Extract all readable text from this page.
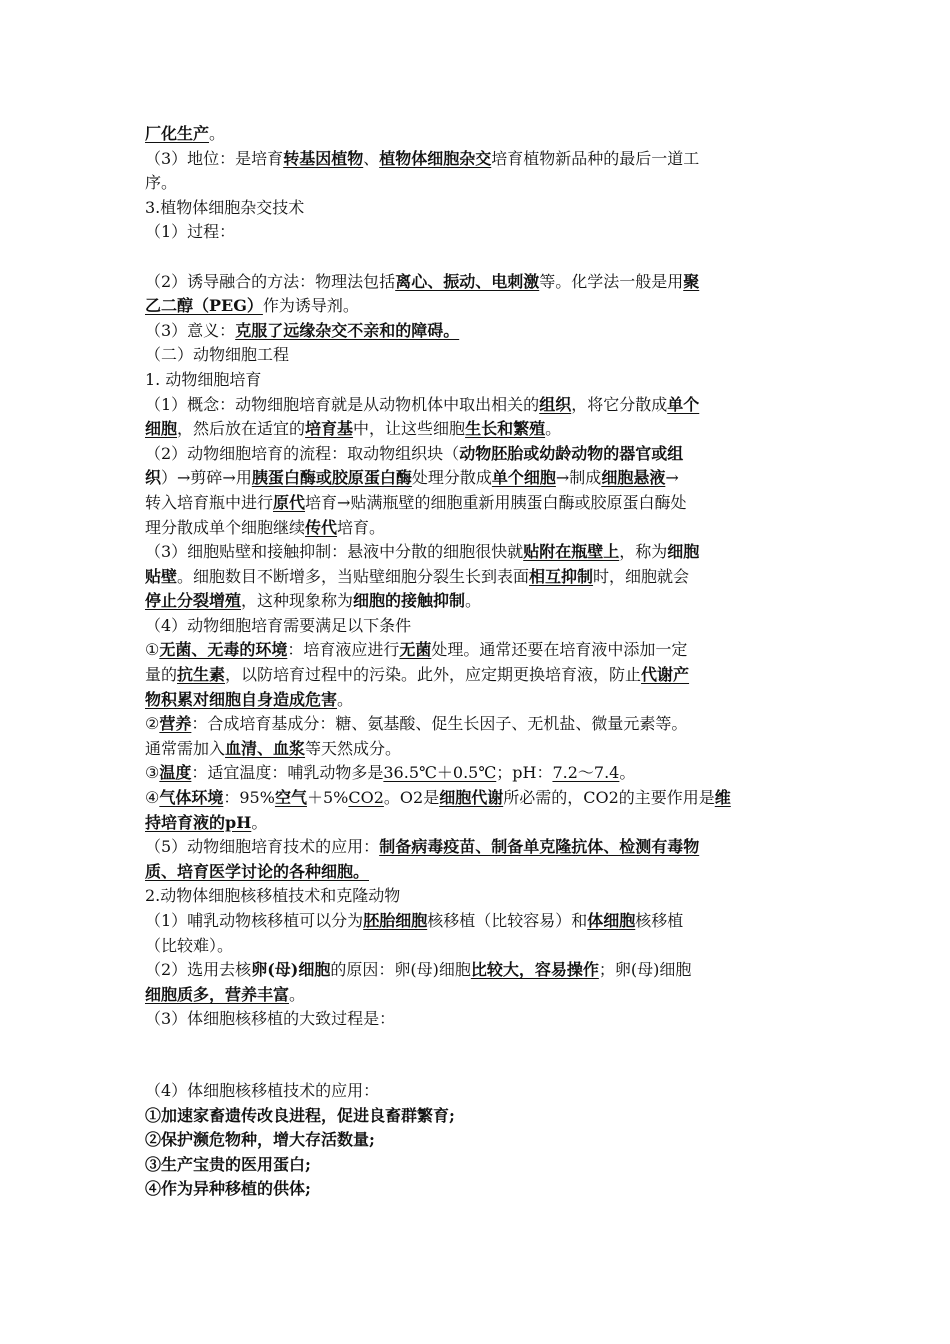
厂化生产。
（3）地位：是培育转基因植物、植物体细胞杂交培育植物新品种的最后一道工
序。
3.植物体细胞杂交技术
（1）过程：
（2）诱导融合的方法：物理法包括离心、振动、电刺激等。化学法一般是用聚
乙二醇（PEG）作为诱导剂。
（3）意义：克服了远缘杂交不亲和的障碍。
（二）动物细胞工程
1. 动物细胞培育
（1）概念：动物细胞培育就是从动物机体中取出相关的组织，将它分散成单个
细胞，然后放在适宜的培育基中，让这些细胞生长和繁殖。
（2）动物细胞培育的流程：取动物组织块（动物胚胎或幼龄动物的器官或组
织）→剪碎→用胰蛋白酶或胶原蛋白酶处理分散成单个细胞→制成细胞悬液→
转入培育瓶中进行原代培育→贴满瓶壁的细胞重新用胰蛋白酶或胶原蛋白酶处
理分散成单个细胞继续传代培育。
（3）细胞贴壁和接触抑制：悬液中分散的细胞很快就贴附在瓶壁上，称为细胞
贴壁。细胞数目不断增多，当贴壁细胞分裂生长到表面相互抑制时，细胞就会
停止分裂增殖，这种现象称为细胞的接触抑制。
（4）动物细胞培育需要满足以下条件
①无菌、无毒的环境：培育液应进行无菌处理。通常还要在培育液中添加一定
量的抗生素，以防培育过程中的污染。此外，应定期更换培育液，防止代谢产
物积累对细胞自身造成危害。
②营养：合成培育基成分：糖、氨基酸、促生长因子、无机盐、微量元素等。
通常需加入血清、血浆等天然成分。
③温度：适宜温度：哺乳动物多是36.5℃＋0.5℃；pH：7.2～7.4。
④气体环境：95%空气＋5%CO2。O2是细胞代谢所必需的，CO2的主要作用是维
持培育液的pH。
（5）动物细胞培育技术的应用：制备病毒疫苗、制备单克隆抗体、检测有毒物
质、培育医学讨论的各种细胞。
2.动物体细胞核移植技术和克隆动物
（1）哺乳动物核移植可以分为胚胎细胞核移植（比较容易）和体细胞核移植
（比较难）。
（2）选用去核卵(母)细胞的原因：卵(母)细胞比较大，容易操作；卵(母)细胞
细胞质多，营养丰富。
（3）体细胞核移植的大致过程是：
（4）体细胞核移植技术的应用：
①加速家畜遗传改良进程，促进良畜群繁育;
②保护濒危物种，增大存活数量;
③生产宝贵的医用蛋白;
④作为异种移植的供体;
